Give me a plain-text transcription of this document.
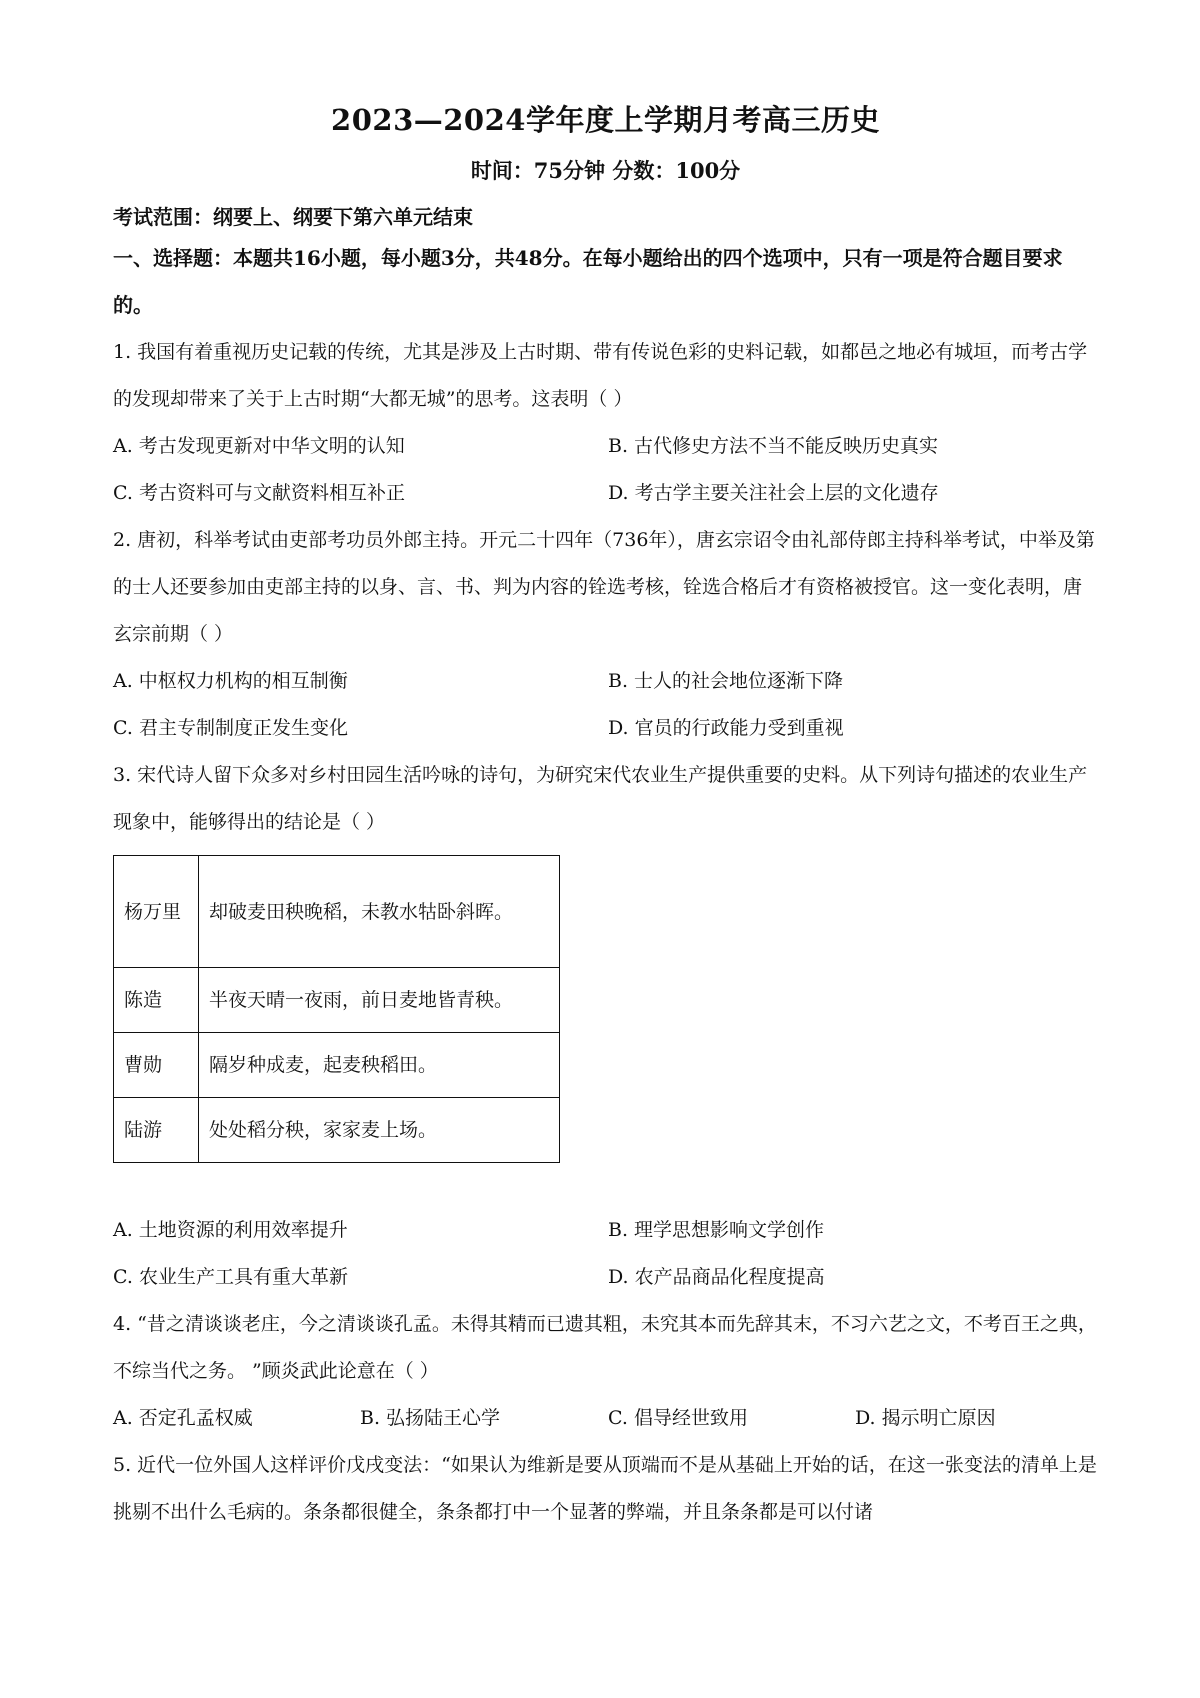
2023—2024学年度上学期月考高三历史
时间：75分钟 分数：100分
考试范围：纲要上、纲要下第六单元结束
一、选择题：本题共16小题，每小题3分，共48分。在每小题给出的四个选项中，只有一项是符合题目要求的。
1. 我国有着重视历史记载的传统，尤其是涉及上古时期、带有传说色彩的史料记载，如都邑之地必有城垣，而考古学的发现却带来了关于上古时期“大都无城”的思考。这表明（ ）
A. 考古发现更新对中华文明的认知	B. 古代修史方法不当不能反映历史真实
C. 考古资料可与文献资料相互补正	D. 考古学主要关注社会上层的文化遗存
2. 唐初，科举考试由吏部考功员外郎主持。开元二十四年（736年），唐玄宗诏令由礼部侍郎主持科举考试，中举及第的士人还要参加由吏部主持的以身、言、书、判为内容的铨选考核，铨选合格后才有资格被授官。这一变化表明，唐玄宗前期（ ）
A. 中枢权力机构的相互制衡	B. 士人的社会地位逐渐下降
C. 君主专制制度正发生变化	D. 官员的行政能力受到重视
3. 宋代诗人留下众多对乡村田园生活吟咏的诗句，为研究宋代农业生产提供重要的史料。从下列诗句描述的农业生产现象中，能够得出的结论是（ ）
杨万里	却破麦田秧晚稻，未教水牯卧斜晖。
陈造	半夜天晴一夜雨，前日麦地皆青秧。
曹勋	隔岁种成麦，起麦秧稻田。
陆游	处处稻分秧，家家麦上场。
A. 土地资源的利用效率提升	B. 理学思想影响文学创作
C. 农业生产工具有重大革新	D. 农产品商品化程度提高
4. “昔之清谈谈老庄，今之清谈谈孔孟。未得其精而已遗其粗，未究其本而先辞其末，不习六艺之文，不考百王之典，不综当代之务。 ”顾炎武此论意在（ ）
A. 否定孔孟权威	B. 弘扬陆王心学	C. 倡导经世致用	D. 揭示明亡原因
5. 近代一位外国人这样评价戊戌变法：“如果认为维新是要从顶端而不是从基础上开始的话，在这一张变法的清单上是挑剔不出什么毛病的。条条都很健全，条条都打中一个显著的弊端，并且条条都是可以付诸
